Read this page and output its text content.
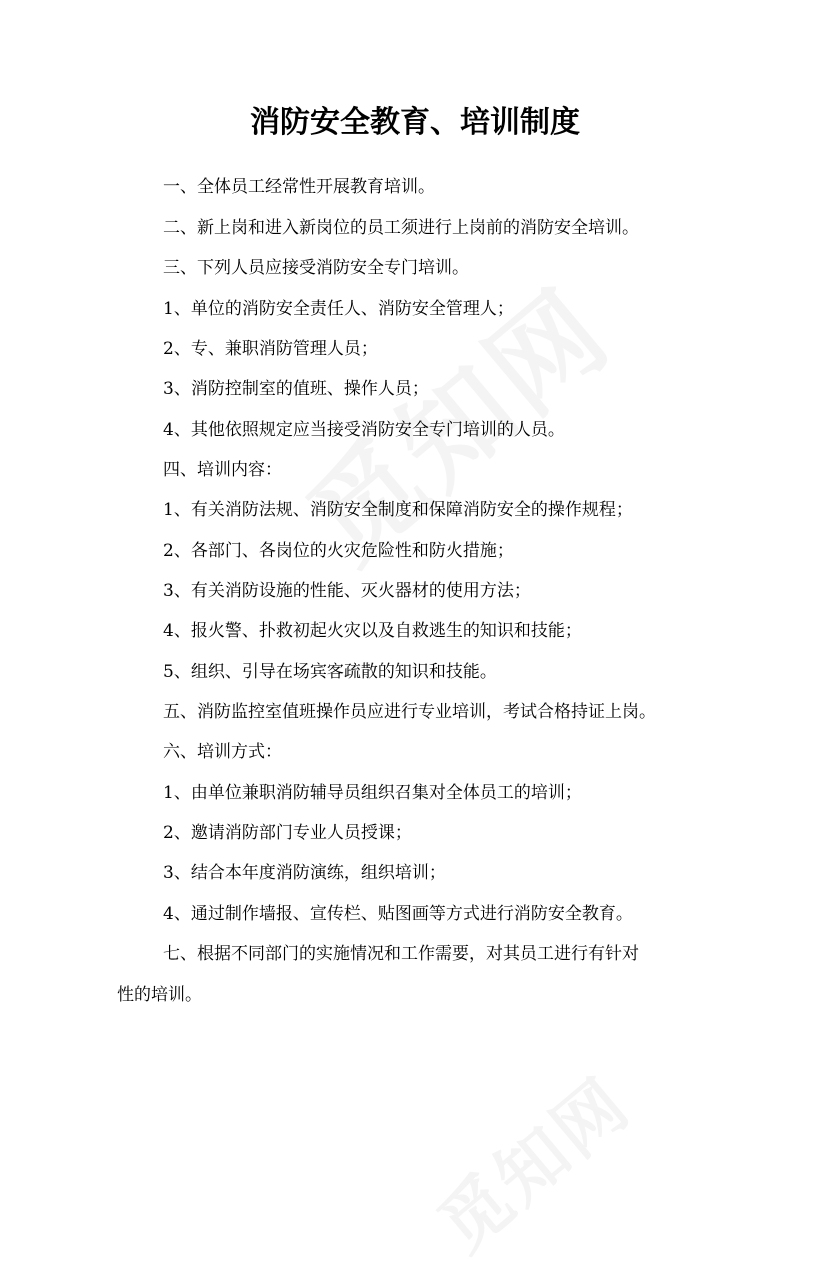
消防安全教育、培训制度

一、全体员工经常性开展教育培训。

二、新上岗和进入新岗位的员工须进行上岗前的消防安全培训。

三、下列人员应接受消防安全专门培训。

1、单位的消防安全责任人、消防安全管理人；

2、专、兼职消防管理人员；

3、消防控制室的值班、操作人员；

4、其他依照规定应当接受消防安全专门培训的人员。

四、培训内容：

1、有关消防法规、消防安全制度和保障消防安全的操作规程；

2、各部门、各岗位的火灾危险性和防火措施；

3、有关消防设施的性能、灭火器材的使用方法；

4、报火警、扑救初起火灾以及自救逃生的知识和技能；

5、组织、引导在场宾客疏散的知识和技能。

五、消防监控室值班操作员应进行专业培训，考试合格持证上岗。

六、培训方式：

1、由单位兼职消防辅导员组织召集对全体员工的培训；

2、邀请消防部门专业人员授课；

3、结合本年度消防演练，组织培训；

4、通过制作墙报、宣传栏、贴图画等方式进行消防安全教育。

七、根据不同部门的实施情况和工作需要，对其员工进行有针对

性的培训。
